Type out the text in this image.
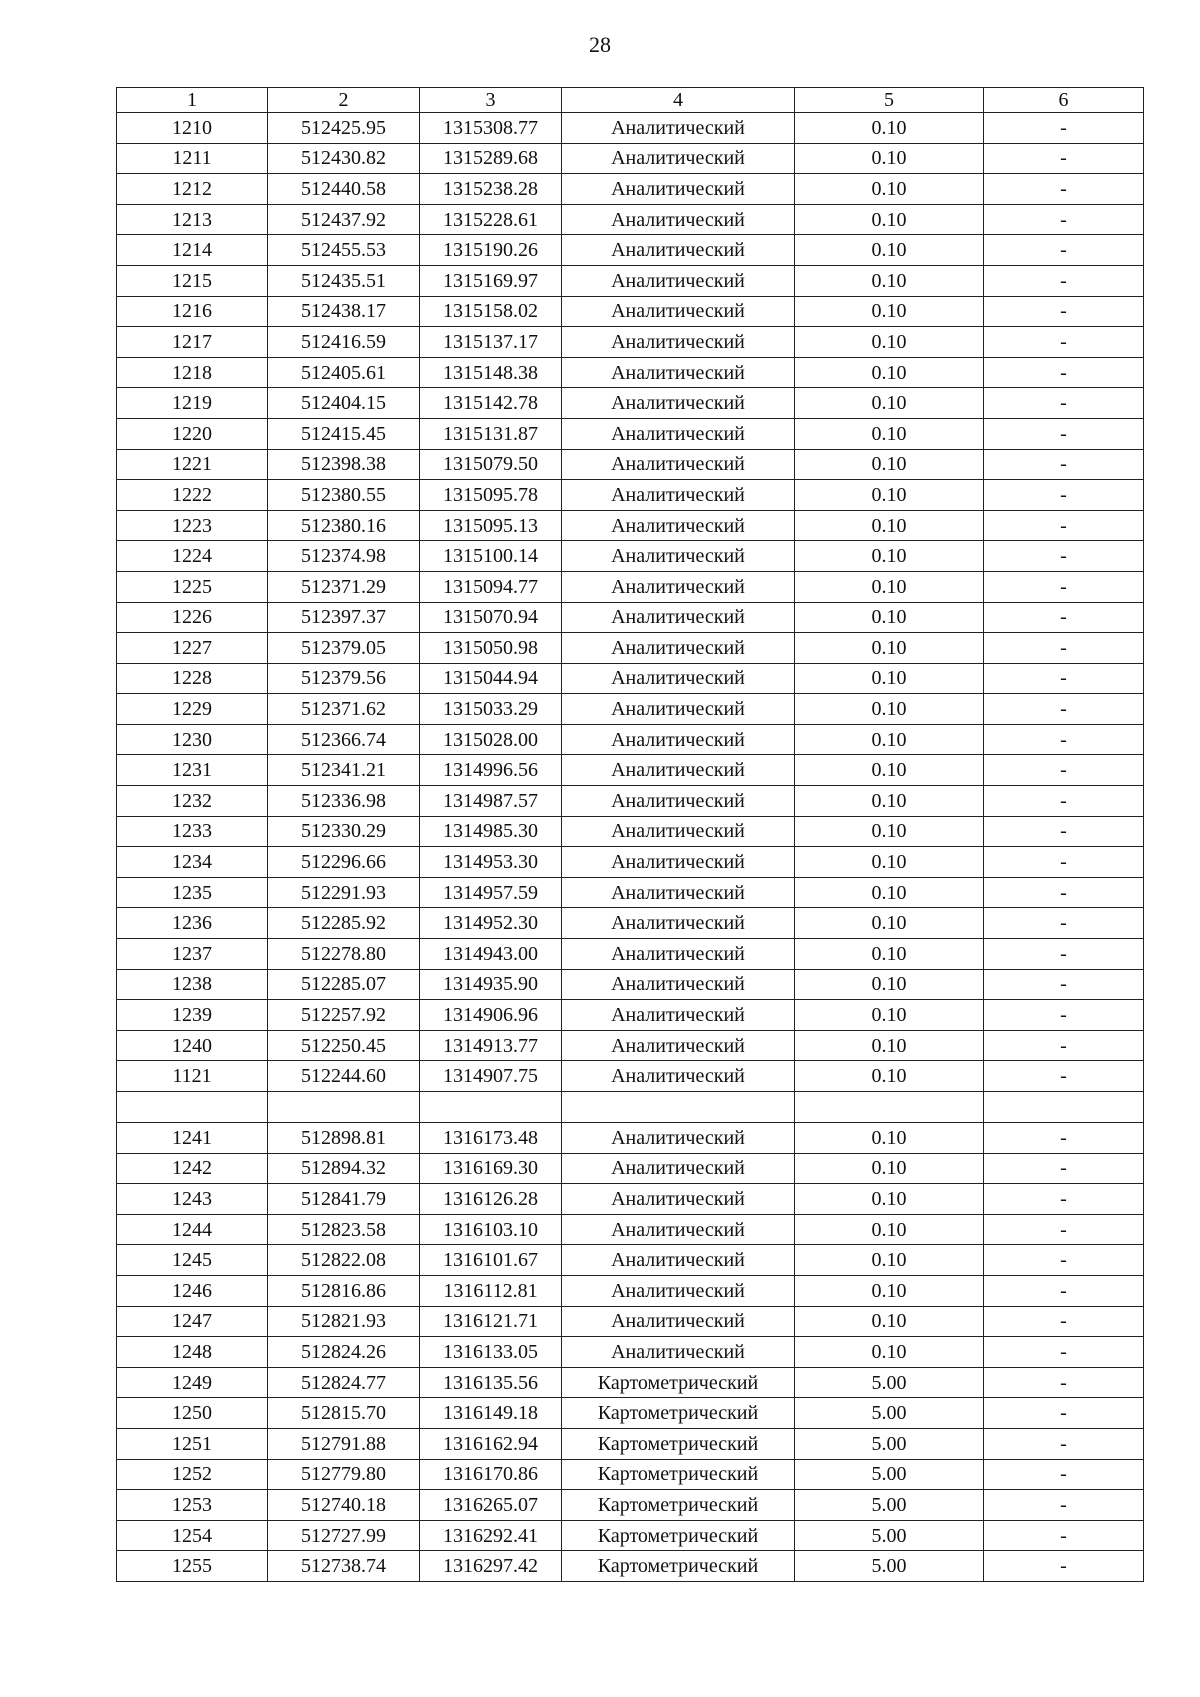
28
1	2	3	4	5	6
1210	512425.95	1315308.77	Аналитический	0.10	-
1211	512430.82	1315289.68	Аналитический	0.10	-
1212	512440.58	1315238.28	Аналитический	0.10	-
1213	512437.92	1315228.61	Аналитический	0.10	-
1214	512455.53	1315190.26	Аналитический	0.10	-
1215	512435.51	1315169.97	Аналитический	0.10	-
1216	512438.17	1315158.02	Аналитический	0.10	-
1217	512416.59	1315137.17	Аналитический	0.10	-
1218	512405.61	1315148.38	Аналитический	0.10	-
1219	512404.15	1315142.78	Аналитический	0.10	-
1220	512415.45	1315131.87	Аналитический	0.10	-
1221	512398.38	1315079.50	Аналитический	0.10	-
1222	512380.55	1315095.78	Аналитический	0.10	-
1223	512380.16	1315095.13	Аналитический	0.10	-
1224	512374.98	1315100.14	Аналитический	0.10	-
1225	512371.29	1315094.77	Аналитический	0.10	-
1226	512397.37	1315070.94	Аналитический	0.10	-
1227	512379.05	1315050.98	Аналитический	0.10	-
1228	512379.56	1315044.94	Аналитический	0.10	-
1229	512371.62	1315033.29	Аналитический	0.10	-
1230	512366.74	1315028.00	Аналитический	0.10	-
1231	512341.21	1314996.56	Аналитический	0.10	-
1232	512336.98	1314987.57	Аналитический	0.10	-
1233	512330.29	1314985.30	Аналитический	0.10	-
1234	512296.66	1314953.30	Аналитический	0.10	-
1235	512291.93	1314957.59	Аналитический	0.10	-
1236	512285.92	1314952.30	Аналитический	0.10	-
1237	512278.80	1314943.00	Аналитический	0.10	-
1238	512285.07	1314935.90	Аналитический	0.10	-
1239	512257.92	1314906.96	Аналитический	0.10	-
1240	512250.45	1314913.77	Аналитический	0.10	-
1121	512244.60	1314907.75	Аналитический	0.10	-

1241	512898.81	1316173.48	Аналитический	0.10	-
1242	512894.32	1316169.30	Аналитический	0.10	-
1243	512841.79	1316126.28	Аналитический	0.10	-
1244	512823.58	1316103.10	Аналитический	0.10	-
1245	512822.08	1316101.67	Аналитический	0.10	-
1246	512816.86	1316112.81	Аналитический	0.10	-
1247	512821.93	1316121.71	Аналитический	0.10	-
1248	512824.26	1316133.05	Аналитический	0.10	-
1249	512824.77	1316135.56	Картометрический	5.00	-
1250	512815.70	1316149.18	Картометрический	5.00	-
1251	512791.88	1316162.94	Картометрический	5.00	-
1252	512779.80	1316170.86	Картометрический	5.00	-
1253	512740.18	1316265.07	Картометрический	5.00	-
1254	512727.99	1316292.41	Картометрический	5.00	-
1255	512738.74	1316297.42	Картометрический	5.00	-
